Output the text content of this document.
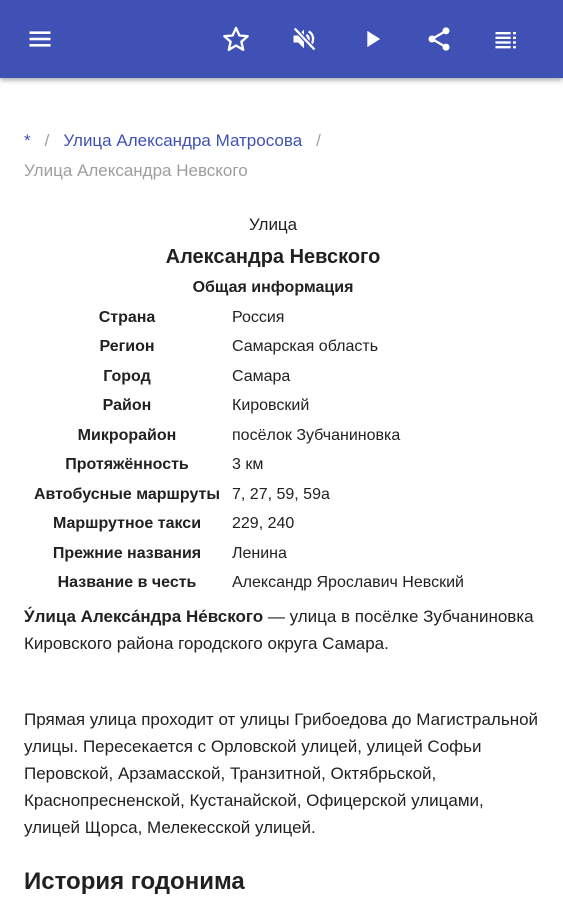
* / Улица Александра Матросова /
Улица Александра Невского
Улица
Александра Невского
Общая информация
Страна	Россия
Регион	Самарская область
Город	Самара
Район	Кировский
Микрорайон	посёлок Зубчаниновка
Протяжённость	3 км
Автобусные маршруты	7, 27, 59, 59а
Маршрутное такси	229, 240
Прежние названия	Ленина
Название в честь	Александр Ярославич Невский
У́лица Алекса́ндра Не́вского — улица в посёлке Зубчаниновка Кировского района городского округа Самара.
Прямая улица проходит от улицы Грибоедова до Магистральной улицы. Пересекается с Орловской улицей, улицей Софьи Перовской, Арзамасской, Транзитной, Октябрьской, Краснопресненской, Кустанайской, Офицерской улицами, улицей Щорса, Мелекесской улицей.
История годонима
